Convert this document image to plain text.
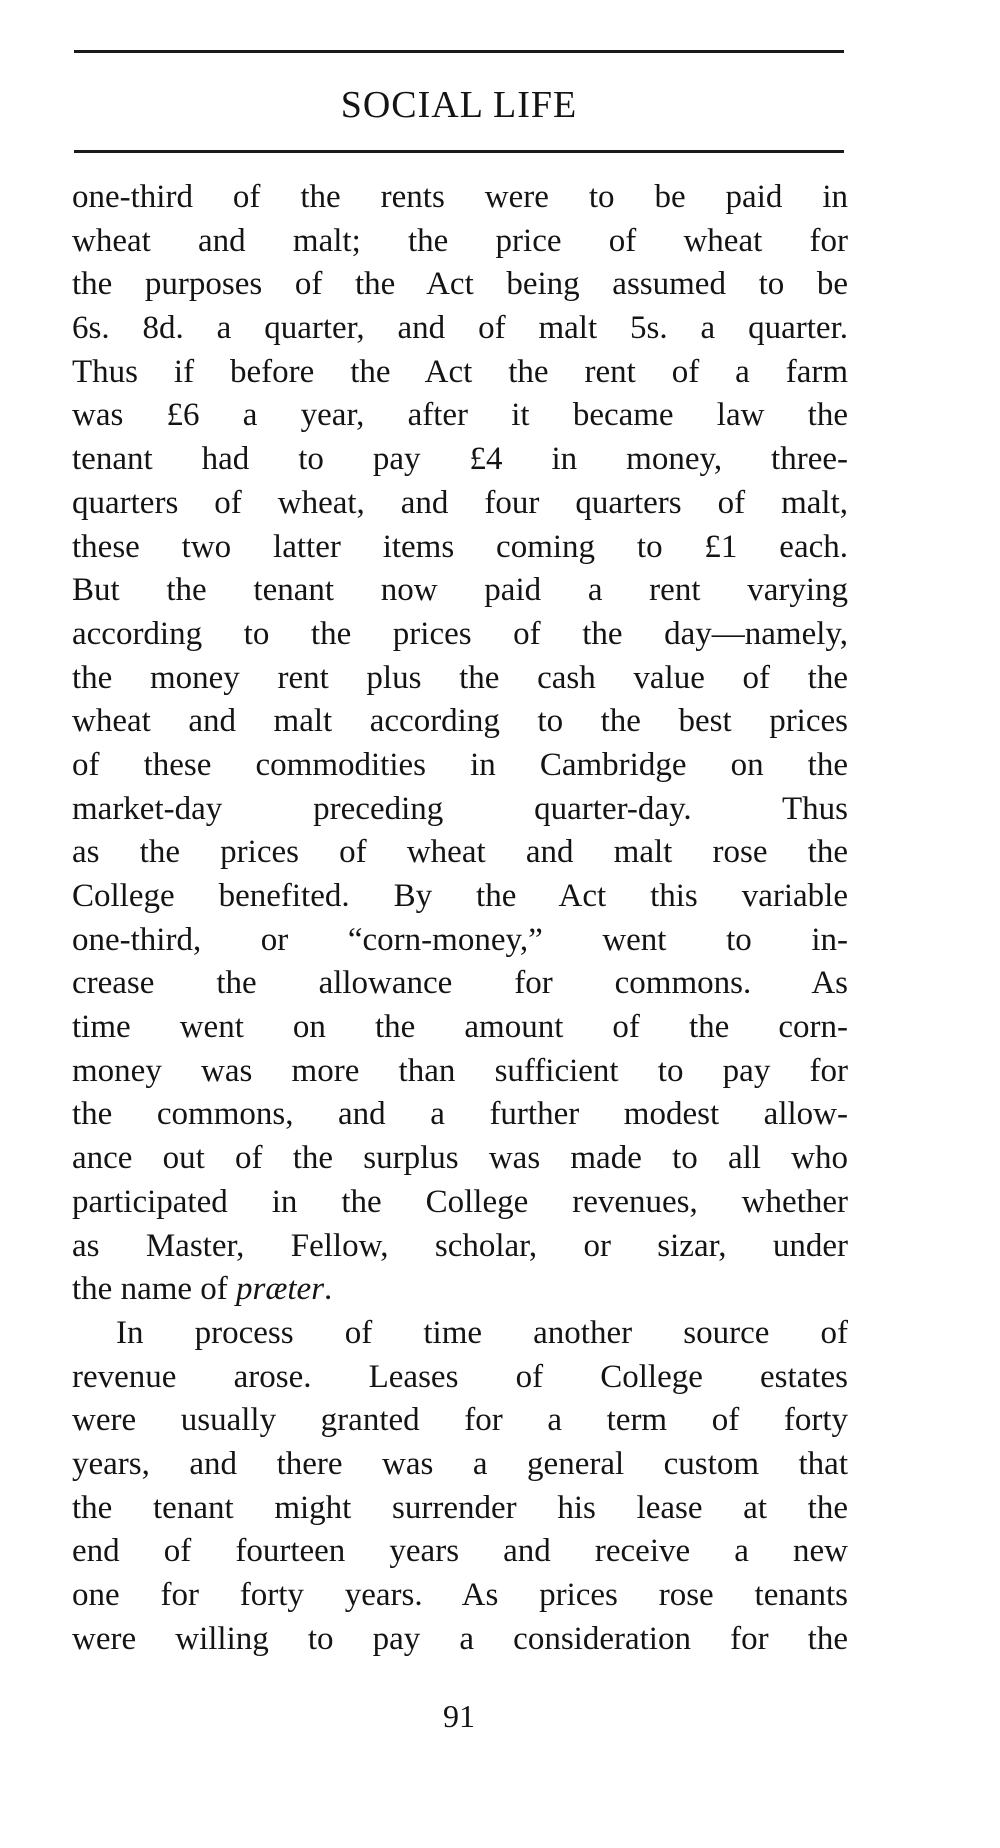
SOCIAL LIFE
one-third of the rents were to be paid in
wheat and malt; the price of wheat for
the purposes of the Act being assumed to be
6s. 8d. a quarter, and of malt 5s. a quarter.
Thus if before the Act the rent of a farm
was £6 a year, after it became law the
tenant had to pay £4 in money, three-
quarters of wheat, and four quarters of malt,
these two latter items coming to £1 each.
But the tenant now paid a rent varying
according to the prices of the day—namely,
the money rent plus the cash value of the
wheat and malt according to the best prices
of these commodities in Cambridge on the
market-day preceding quarter-day. Thus
as the prices of wheat and malt rose the
College benefited. By the Act this variable
one-third, or “corn-money,” went to in-
crease the allowance for commons. As
time went on the amount of the corn-
money was more than sufficient to pay for
the commons, and a further modest allow-
ance out of the surplus was made to all who
participated in the College revenues, whether
as Master, Fellow, scholar, or sizar, under
the name of præter.
In process of time another source of
revenue arose. Leases of College estates
were usually granted for a term of forty
years, and there was a general custom that
the tenant might surrender his lease at the
end of fourteen years and receive a new
one for forty years. As prices rose tenants
were willing to pay a consideration for the
91
